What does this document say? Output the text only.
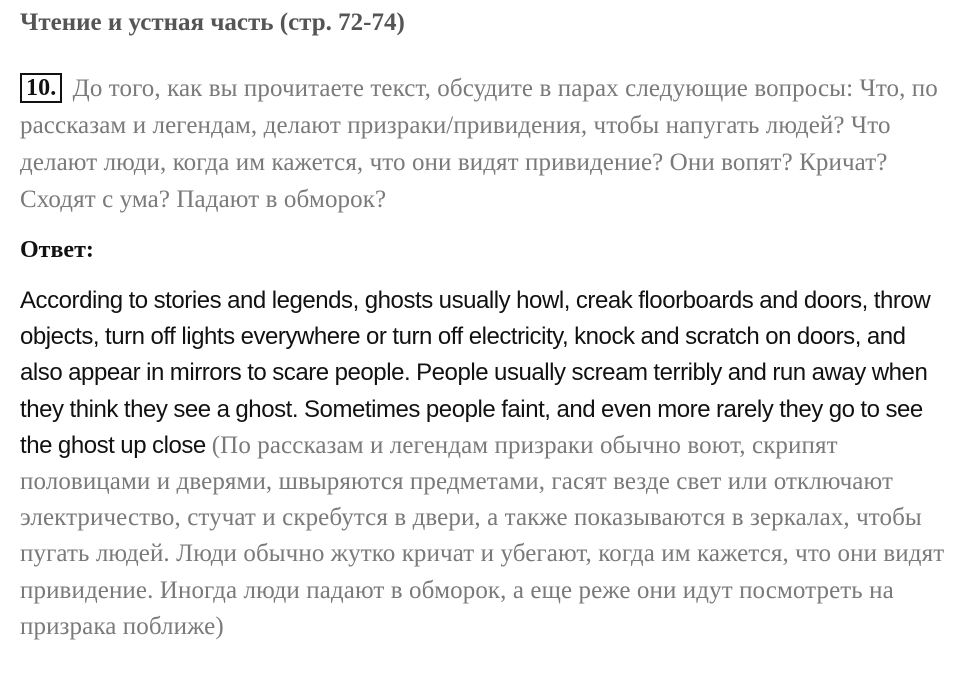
Чтение и устная часть (стр. 72-74)
10. До того, как вы прочитаете текст, обсудите в парах следующие вопросы: Что, по рассказам и легендам, делают призраки/привидения, чтобы напугать людей? Что делают люди, когда им кажется, что они видят привидение? Они вопят? Кричат? Сходят с ума? Падают в обморок?
Ответ:
According to stories and legends, ghosts usually howl, creak floorboards and doors, throw objects, turn off lights everywhere or turn off electricity, knock and scratch on doors, and also appear in mirrors to scare people. People usually scream terribly and run away when they think they see a ghost. Sometimes people faint, and even more rarely they go to see the ghost up close (По рассказам и легендам призраки обычно воют, скрипят половицами и дверями, швыряются предметами, гасят везде свет или отключают электричество, стучат и скребутся в двери, а также показываются в зеркалах, чтобы пугать людей. Люди обычно жутко кричат и убегают, когда им кажется, что они видят привидение. Иногда люди падают в обморок, а еще реже они идут посмотреть на призрака поближе)
